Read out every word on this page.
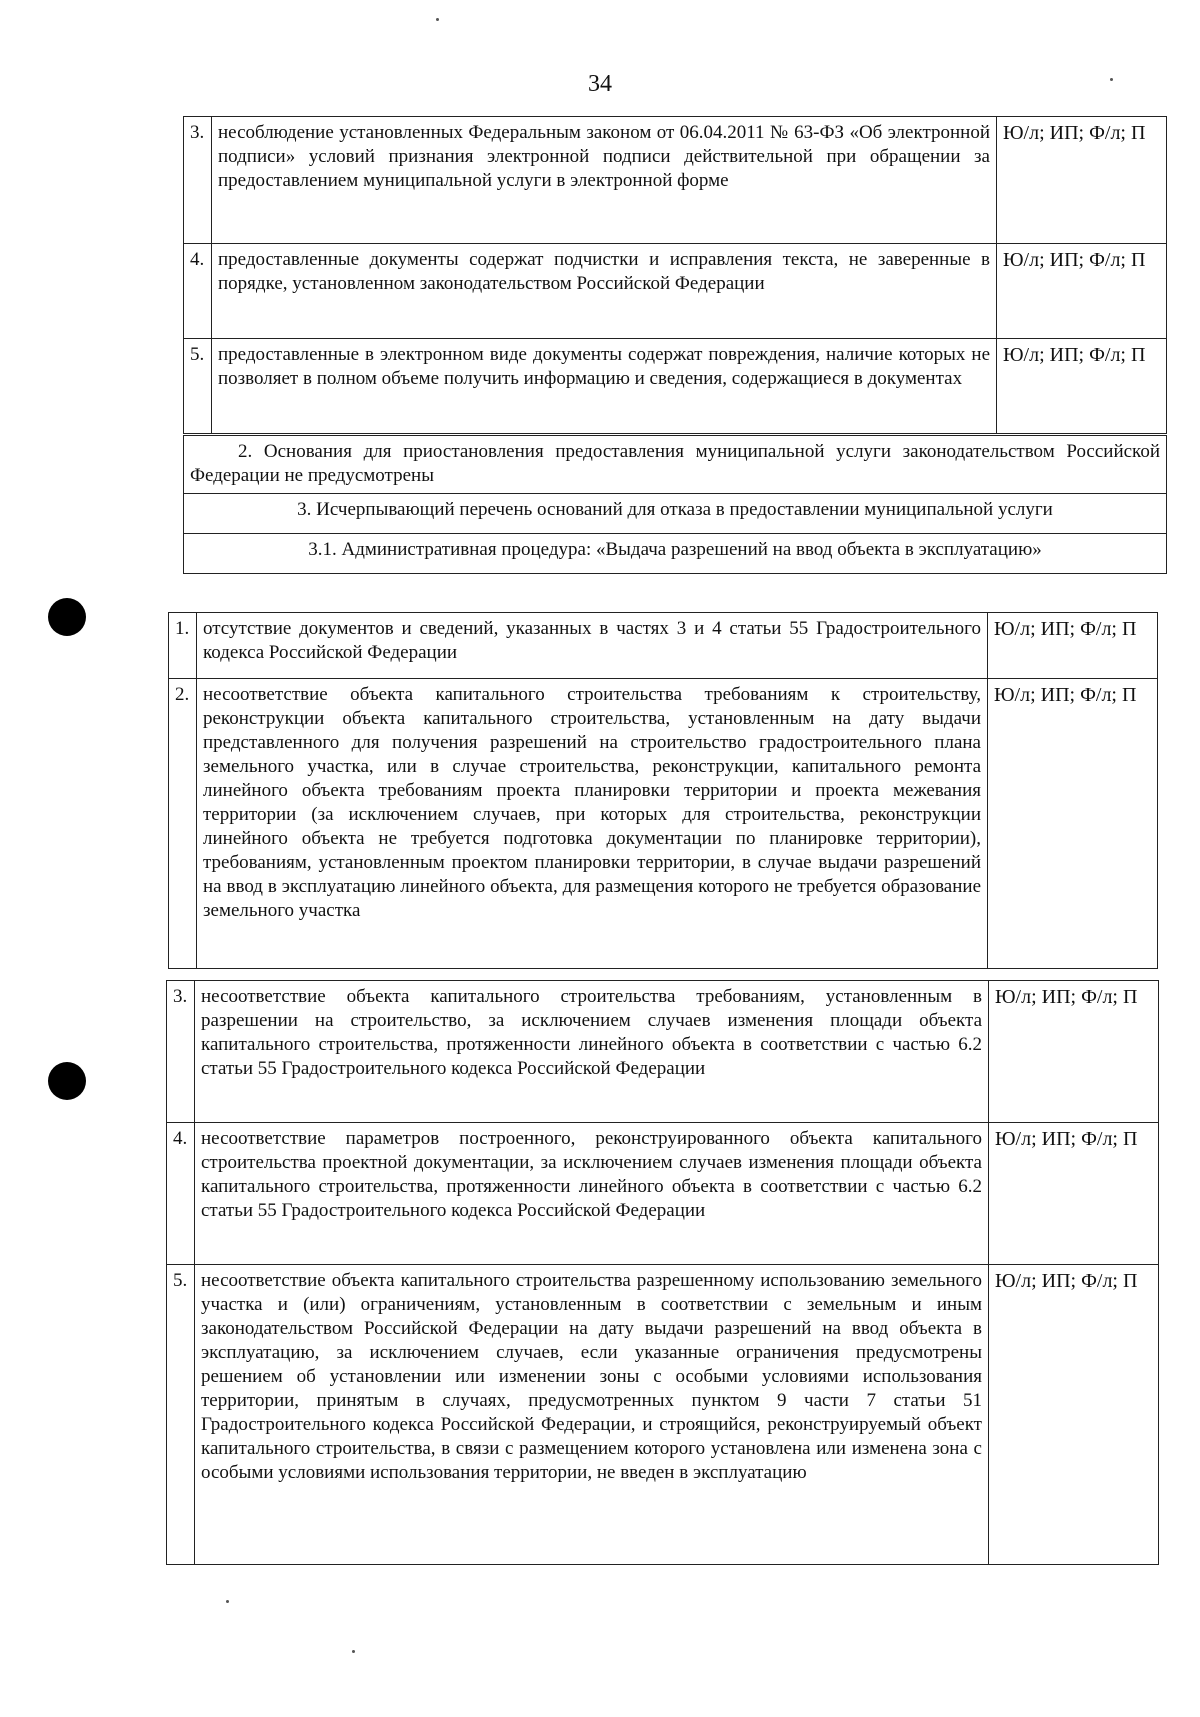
34
3.	несоблюдение установленных Федеральным законом от 06.04.2011 № 63-ФЗ «Об электронной подписи» условий признания электронной подписи действительной при обращении за предоставлением муниципальной услуги в электронной форме	Ю/л; ИП; Ф/л; П
4.	предоставленные документы содержат подчистки и исправления текста, не заверенные в порядке, установленном законодательством Российской Федерации	Ю/л; ИП; Ф/л; П
5.	предоставленные в электронном виде документы содержат повреждения, наличие которых не позволяет в полном объеме получить информацию и сведения, содержащиеся в документах	Ю/л; ИП; Ф/л; П
2. Основания для приостановления предоставления муниципальной услуги законодательством Российской Федерации не предусмотрены
3. Исчерпывающий перечень оснований для отказа в предоставлении муниципальной услуги
3.1. Административная процедура: «Выдача разрешений на ввод объекта в эксплуатацию»
1.	отсутствие документов и сведений, указанных в частях 3 и 4 статьи 55 Градостроительного кодекса Российской Федерации	Ю/л; ИП; Ф/л; П
2.	несоответствие объекта капитального строительства требованиям к строительству, реконструкции объекта капитального строительства, установленным на дату выдачи представленного для получения разрешений на строительство градостроительного плана земельного участка, или в случае строительства, реконструкции, капитального ремонта линейного объекта требованиям проекта планировки территории и проекта межевания территории (за исключением случаев, при которых для строительства, реконструкции линейного объекта не требуется подготовка документации по планировке территории), требованиям, установленным проектом планировки территории, в случае выдачи разрешений на ввод в эксплуатацию линейного объекта, для размещения которого не требуется образование земельного участка	Ю/л; ИП; Ф/л; П
3.	несоответствие объекта капитального строительства требованиям, установленным в разрешении на строительство, за исключением случаев изменения площади объекта капитального строительства, протяженности линейного объекта в соответствии с частью 6.2 статьи 55 Градостроительного кодекса Российской Федерации	Ю/л; ИП; Ф/л; П
4.	несоответствие параметров построенного, реконструированного объекта капитального строительства проектной документации, за исключением случаев изменения площади объекта капитального строительства, протяженности линейного объекта в соответствии с частью 6.2 статьи 55 Градостроительного кодекса Российской Федерации	Ю/л; ИП; Ф/л; П
5.	несоответствие объекта капитального строительства разрешенному использованию земельного участка и (или) ограничениям, установленным в соответствии с земельным и иным законодательством Российской Федерации на дату выдачи разрешений на ввод объекта в эксплуатацию, за исключением случаев, если указанные ограничения предусмотрены решением об установлении или изменении зоны с особыми условиями использования территории, принятым в случаях, предусмотренных пунктом 9 части 7 статьи 51 Градостроительного кодекса Российской Федерации, и строящийся, реконструируемый объект капитального строительства, в связи с размещением которого установлена или изменена зона с особыми условиями использования территории, не введен в эксплуатацию	Ю/л; ИП; Ф/л; П
